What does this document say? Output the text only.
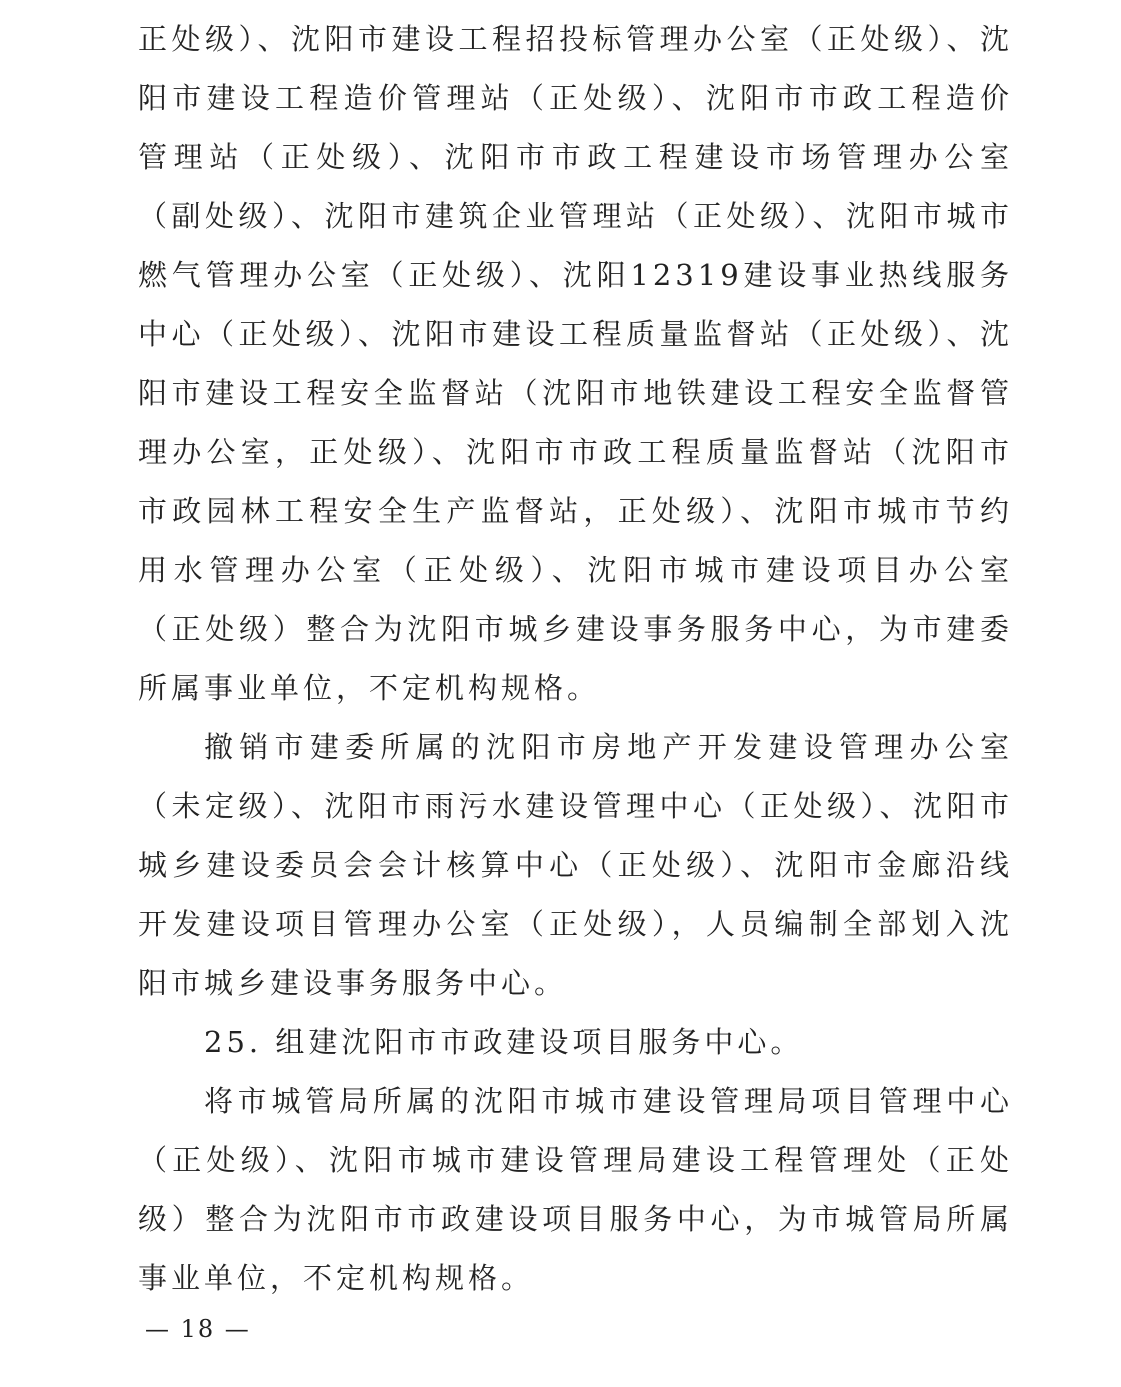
正处级）、沈阳市建设工程招投标管理办公室（正处级）、沈阳市建设工程造价管理站（正处级）、沈阳市市政工程造价管理站（正处级）、沈阳市市政工程建设市场管理办公室（副处级）、沈阳市建筑企业管理站（正处级）、沈阳市城市燃气管理办公室（正处级）、沈阳12319建设事业热线服务中心（正处级）、沈阳市建设工程质量监督站（正处级）、沈阳市建设工程安全监督站（沈阳市地铁建设工程安全监督管理办公室，正处级）、沈阳市市政工程质量监督站（沈阳市市政园林工程安全生产监督站，正处级）、沈阳市城市节约用水管理办公室（正处级）、沈阳市城市建设项目办公室（正处级）整合为沈阳市城乡建设事务服务中心，为市建委所属事业单位，不定机构规格。

撤销市建委所属的沈阳市房地产开发建设管理办公室（未定级）、沈阳市雨污水建设管理中心（正处级）、沈阳市城乡建设委员会会计核算中心（正处级）、沈阳市金廊沿线开发建设项目管理办公室（正处级），人员编制全部划入沈阳市城乡建设事务服务中心。

25. 组建沈阳市市政建设项目服务中心。

将市城管局所属的沈阳市城市建设管理局项目管理中心（正处级）、沈阳市城市建设管理局建设工程管理处（正处级）整合为沈阳市市政建设项目服务中心，为市城管局所属事业单位，不定机构规格。

— 18 —
